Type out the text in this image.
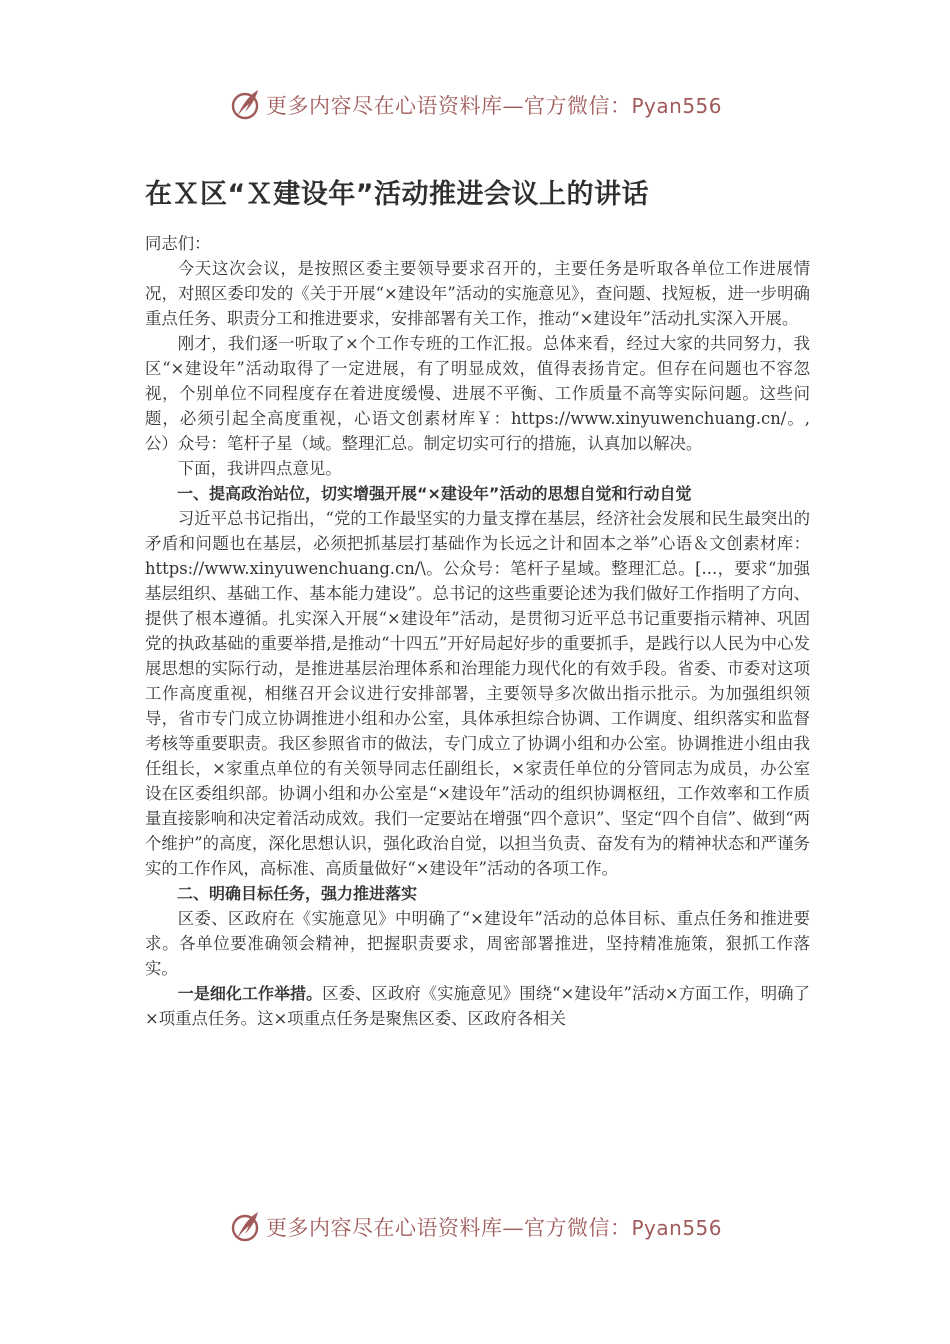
更多内容尽在心语资料库—官方微信：Pyan556
在Ｘ区“Ｘ建设年”活动推进会议上的讲话

同志们：

今天这次会议，是按照区委主要领导要求召开的，主要任务是听取各单位工作进展情况，对照区委印发的《关于开展“×建设年”活动的实施意见》，查问题、找短板，进一步明确重点任务、职责分工和推进要求，安排部署有关工作，推动“×建设年”活动扎实深入开展。

刚才，我们逐一听取了×个工作专班的工作汇报。总体来看，经过大家的共同努力，我区“×建设年”活动取得了一定进展，有了明显成效，值得表扬肯定。但存在问题也不容忽视，个别单位不同程度存在着进度缓慢、进展不平衡、工作质量不高等实际问题。这些问题，必须引起全高度重视，心语文创素材库￥：https://www.xinyuwenchuang.cn/。,公）众号：笔杆子星（域。整理汇总。制定切实可行的措施，认真加以解决。

下面，我讲四点意见。

一、提高政治站位，切实增强开展“×建设年”活动的思想自觉和行动自觉

习近平总书记指出，“党的工作最坚实的力量支撑在基层，经济社会发展和民生最突出的矛盾和问题也在基层，必须把抓基层打基础作为长远之计和固本之举”心语＆文创素材库：https://www.xinyuwenchuang.cn/\。公众号：笔杆子星域。整理汇总。[...，要求“加强基层组织、基础工作、基本能力建设”。总书记的这些重要论述为我们做好工作指明了方向、提供了根本遵循。扎实深入开展“×建设年”活动，是贯彻习近平总书记重要指示精神、巩固党的执政基础的重要举措,是推动“十四五”开好局起好步的重要抓手，是践行以人民为中心发展思想的实际行动，是推进基层治理体系和治理能力现代化的有效手段。省委、市委对这项工作高度重视，相继召开会议进行安排部署，主要领导多次做出指示批示。为加强组织领导，省市专门成立协调推进小组和办公室，具体承担综合协调、工作调度、组织落实和监督考核等重要职责。我区参照省市的做法，专门成立了协调小组和办公室。协调推进小组由我任组长，×家重点单位的有关领导同志任副组长，×家责任单位的分管同志为成员，办公室设在区委组织部。协调小组和办公室是“×建设年”活动的组织协调枢纽，工作效率和工作质量直接影响和决定着活动成效。我们一定要站在增强“四个意识”、坚定“四个自信”、做到“两个维护”的高度，深化思想认识，强化政治自觉，以担当负责、奋发有为的精神状态和严谨务实的工作作风，高标准、高质量做好“×建设年”活动的各项工作。

二、明确目标任务，强力推进落实

区委、区政府在《实施意见》中明确了“×建设年”活动的总体目标、重点任务和推进要求。各单位要准确领会精神，把握职责要求，周密部署推进，坚持精准施策，狠抓工作落实。

一是细化工作举措。区委、区政府《实施意见》围绕“×建设年”活动×方面工作，明确了×项重点任务。这×项重点任务是聚焦区委、区政府各相关

更多内容尽在心语资料库—官方微信：Pyan556
